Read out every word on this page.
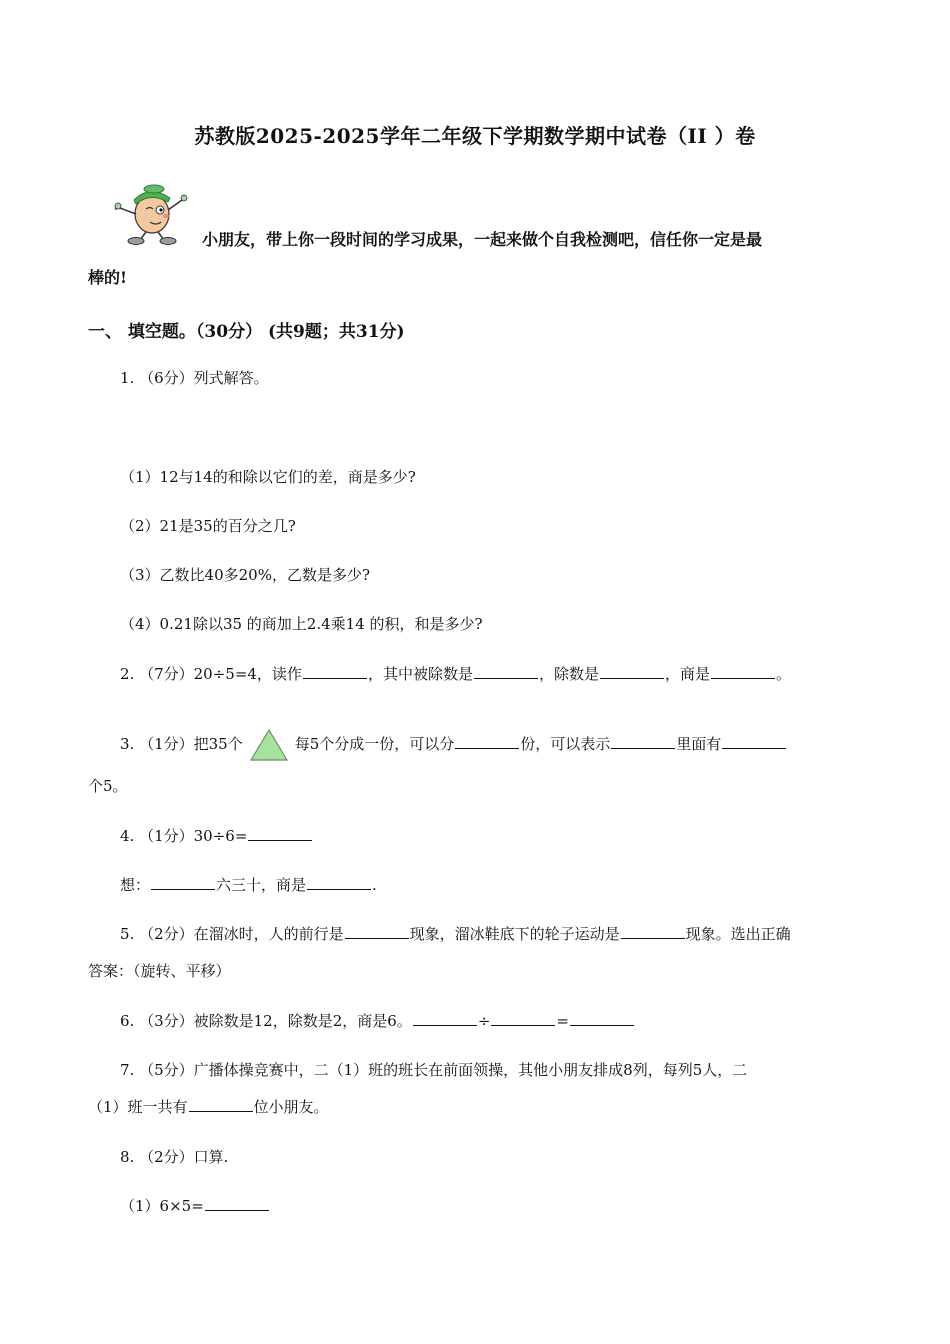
苏教版2025-2025学年二年级下学期数学期中试卷（II ）卷
小朋友，带上你一段时间的学习成果，一起来做个自我检测吧，信任你一定是最
棒的!
一、 填空题。（30分） (共9题；共31分)
1. （6分）列式解答。
（1）12与14的和除以它们的差，商是多少?
（2）21是35的百分之几?
（3）乙数比40多20%，乙数是多少?
（4）0.21除以35 的商加上2.4乘14 的积，和是多少?
2. （7分）20÷5=4，读作	，其中被除数是	，除数是	，商是	。
3. （1分）把35个	每5个分成一份，可以分	份，可以表示	里面有
个5。
4. （1分）30÷6=
想：	六三十，商是	.
5. （2分）在溜冰时，人的前行是	现象，溜冰鞋底下的轮子运动是	现象。选出正确
答案：（旋转、平移）
6. （3分）被除数是12，除数是2，商是6。	÷	=
7. （5分）广播体操竞赛中，二（1）班的班长在前面领操，其他小朋友排成8列，每列5人，二
（1）班一共有	位小朋友。
8. （2分）口算.
（1）6×5=
